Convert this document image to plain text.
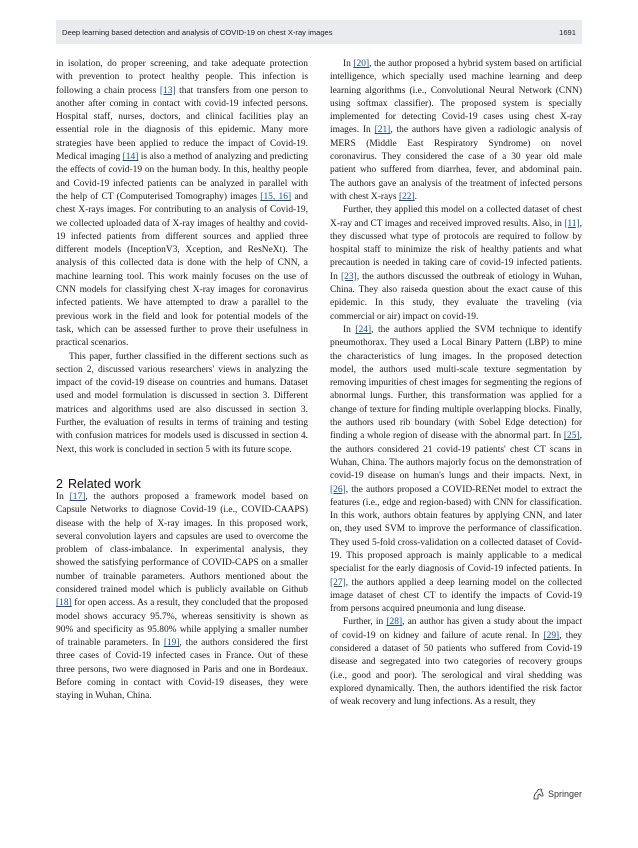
Deep learning based detection and analysis of COVID-19 on chest X-ray images	1691

in isolation, do proper screening, and take adequate protection with prevention to protect healthy people. This infection is following a chain process [13] that transfers from one person to another after coming in contact with covid-19 infected persons. Hospital staff, nurses, doctors, and clinical facilities play an essential role in the diagnosis of this epidemic. Many more strategies have been applied to reduce the impact of Covid-19. Medical imaging [14] is also a method of analyzing and predicting the effects of covid-19 on the human body. In this, healthy people and Covid-19 infected patients can be analyzed in parallel with the help of CT (Computerised Tomography) images [15, 16] and chest X-rays images. For contributing to an analysis of Covid-19, we collected uploaded data of X-ray images of healthy and covid-19 infected patients from different sources and applied three different models (InceptionV3, Xception, and ResNeXt). The analysis of this collected data is done with the help of CNN, a machine learning tool. This work mainly focuses on the use of CNN models for classifying chest X-ray images for coronavirus infected patients. We have attempted to draw a parallel to the previous work in the field and look for potential models of the task, which can be assessed further to prove their usefulness in practical scenarios.

This paper, further classified in the different sections such as section 2, discussed various researchers' views in analyzing the impact of the covid-19 disease on countries and humans. Dataset used and model formulation is discussed in section 3. Different matrices and algorithms used are also discussed in section 3. Further, the evaluation of results in terms of training and testing with confusion matrices for models used is discussed in section 4. Next, this work is concluded in section 5 with its future scope.

2 Related work

In [17], the authors proposed a framework model based on Capsule Networks to diagnose Covid-19 (i.e., COVID-CAAPS) disease with the help of X-ray images. In this proposed work, several convolution layers and capsules are used to overcome the problem of class-imbalance. In experimental analysis, they showed the satisfying performance of COVID-CAPS on a smaller number of trainable parameters. Authors mentioned about the considered trained model which is publicly available on Github [18] for open access. As a result, they concluded that the proposed model shows accuracy 95.7%, whereas sensitivity is shown as 90% and specificity as 95.80% while applying a smaller number of trainable parameters. In [19], the authors considered the first three cases of Covid-19 infected cases in France. Out of these three persons, two were diagnosed in Paris and one in Bordeaux. Before coming in contact with Covid-19 diseases, they were staying in Wuhan, China.

In [20], the author proposed a hybrid system based on artificial intelligence, which specially used machine learning and deep learning algorithms (i.e., Convolutional Neural Network (CNN) using softmax classifier). The proposed system is specially implemented for detecting Covid-19 cases using chest X-ray images. In [21], the authors have given a radiologic analysis of MERS (Middle East Respiratory Syndrome) on novel coronavirus. They considered the case of a 30 year old male patient who suffered from diarrhea, fever, and abdominal pain. The authors gave an analysis of the treatment of infected persons with chest X-rays [22].

Further, they applied this model on a collected dataset of chest X-ray and CT images and received improved results. Also, in [11], they discussed what type of protocols are required to follow by hospital staff to minimize the risk of healthy patients and what precaution is needed in taking care of covid-19 infected patients. In [23], the authors discussed the outbreak of etiology in Wuhan, China. They also raiseda question about the exact cause of this epidemic. In this study, they evaluate the traveling (via commercial or air) impact on covid-19.

In [24], the authors applied the SVM technique to identify pneumothorax. They used a Local Binary Pattern (LBP) to mine the characteristics of lung images. In the proposed detection model, the authors used multi-scale texture segmentation by removing impurities of chest images for segmenting the regions of abnormal lungs. Further, this transformation was applied for a change of texture for finding multiple overlapping blocks. Finally, the authors used rib boundary (with Sobel Edge detection) for finding a whole region of disease with the abnormal part. In [25], the authors considered 21 covid-19 patients' chest CT scans in Wuhan, China. The authors majorly focus on the demonstration of covid-19 disease on human's lungs and their impacts. Next, in [26], the authors proposed a COVID-RENet model to extract the features (i.e., edge and region-based) with CNN for classification. In this work, authors obtain features by applying CNN, and later on, they used SVM to improve the performance of classification. They used 5-fold cross-validation on a collected dataset of Covid-19. This proposed approach is mainly applicable to a medical specialist for the early diagnosis of Covid-19 infected patients. In [27], the authors applied a deep learning model on the collected image dataset of chest CT to identify the impacts of Covid-19 from persons acquired pneumonia and lung disease.

Further, in [28], an author has given a study about the impact of covid-19 on kidney and failure of acute renal. In [29], they considered a dataset of 50 patients who suffered from Covid-19 disease and segregated into two categories of recovery groups (i.e., good and poor). The serological and viral shedding was explored dynamically. Then, the authors identified the risk factor of weak recovery and lung infections. As a result, they

Springer
